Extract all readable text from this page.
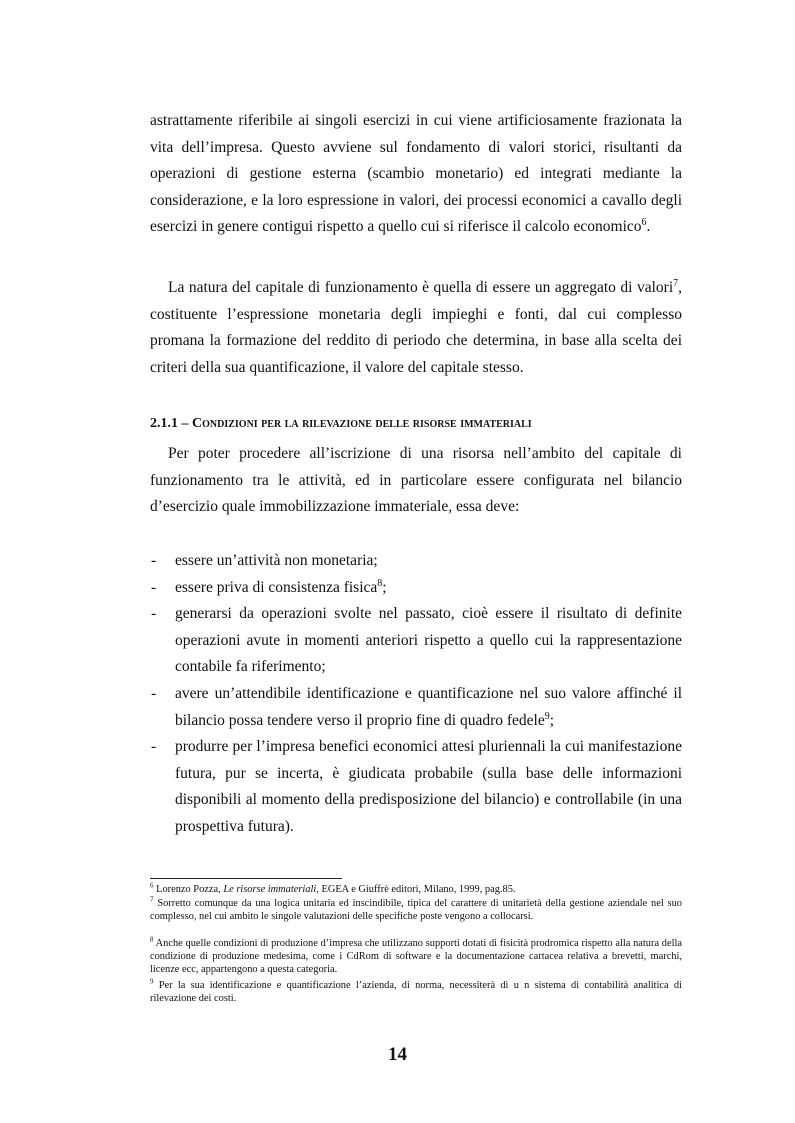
astrattamente riferibile ai singoli esercizi in cui viene artificiosamente frazionata la vita dell’impresa. Questo avviene sul fondamento di valori storici, risultanti da operazioni di gestione esterna (scambio monetario) ed integrati mediante la considerazione, e la loro espressione in valori, dei processi economici a cavallo degli esercizi in genere contigui rispetto a quello cui si riferisce il calcolo economico$^6$.

La natura del capitale di funzionamento è quella di essere un aggregato di valori$^7$, costituente l’espressione monetaria degli impieghi e fonti, dal cui complesso promana la formazione del reddito di periodo che determina, in base alla scelta dei criteri della sua quantificazione, il valore del capitale stesso.

2.1.1 – Condizioni per la rilevazione delle risorse immateriali

Per poter procedere all’iscrizione di una risorsa nell’ambito del capitale di funzionamento tra le attività, ed in particolare essere configurata nel bilancio d’esercizio quale immobilizzazione immateriale, essa deve:

- essere un’attività non monetaria;
- essere priva di consistenza fisica$^8$;
- generarsi da operazioni svolte nel passato, cioè essere il risultato di definite operazioni avute in momenti anteriori rispetto a quello cui la rappresentazione contabile fa riferimento;
- avere un’attendibile identificazione e quantificazione nel suo valore affinché il bilancio possa tendere verso il proprio fine di quadro fedele$^9$;
- produrre per l’impresa benefici economici attesi pluriennali la cui manifestazione futura, pur se incerta, è giudicata probabile (sulla base delle informazioni disponibili al momento della predisposizione del bilancio) e controllabile (in una prospettiva futura).

$^6$ Lorenzo Pozza, Le risorse immateriali, EGEA e Giuffrè editori, Milano, 1999, pag.85.

$^7$ Sorretto comunque da una logica unitaria ed inscindibile, tipica del carattere di unitarietà della gestione aziendale nel suo complesso, nel cui ambito le singole valutazioni delle specifiche poste vengono a collocarsi.

$^8$ Anche quelle condizioni di produzione d’impresa che utilizzano supporti dotati di fisicità prodromica rispetto alla natura della condizione di produzione medesima, come i CdRom di software e la documentazione cartacea relativa a brevetti, marchi, licenze ecc, appartengono a questa categoria.

$^9$ Per la sua identificazione e quantificazione l’azienda, di norma, necessiterà di u n sistema di contabilità analitica di rilevazione dei costi.

14
